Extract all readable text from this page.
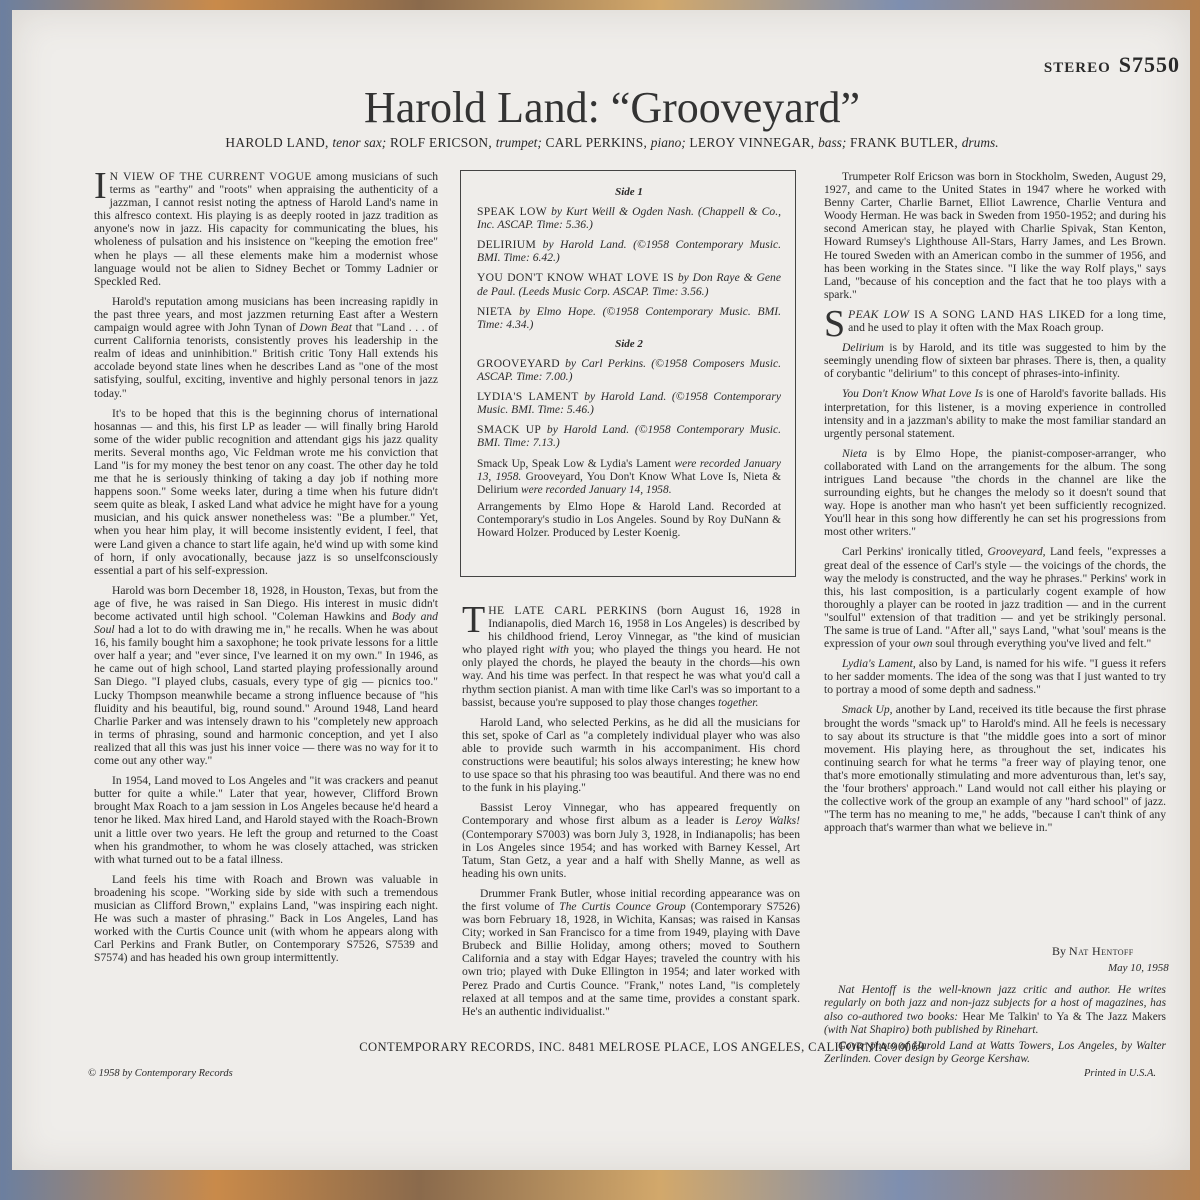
STEREO S7550
Harold Land: “Grooveyard”
HAROLD LAND, tenor sax; ROLF ERICSON, trumpet; CARL PERKINS, piano; LEROY VINNEGAR, bass; FRANK BUTLER, drums.

I N VIEW OF THE CURRENT VOGUE among musicians of such terms as "earthy" and "roots" when appraising the authenticity of a jazzman, I cannot resist noting the aptness of Harold Land's name in this alfresco context. His playing is as deeply rooted in jazz tradition as anyone's now in jazz. His capacity for communicating the blues, his wholeness of pulsation and his insistence on "keeping the emotion free" when he plays — all these elements make him a modernist whose language would not be alien to Sidney Bechet or Tommy Ladnier or Speckled Red.

Harold's reputation among musicians has been increasing rapidly in the past three years, and most jazzmen returning East after a Western campaign would agree with John Tynan of Down Beat that "Land . . . of current California tenorists, consistently proves his leadership in the realm of ideas and uninhibition." British critic Tony Hall extends his accolade beyond state lines when he describes Land as "one of the most satisfying, soulful, exciting, inventive and highly personal tenors in jazz today."

It's to be hoped that this is the beginning chorus of international hosannas — and this, his first LP as leader — will finally bring Harold some of the wider public recognition and attendant gigs his jazz quality merits. Several months ago, Vic Feldman wrote me his conviction that Land "is for my money the best tenor on any coast. The other day he told me that he is seriously thinking of taking a day job if nothing more happens soon." Some weeks later, during a time when his future didn't seem quite as bleak, I asked Land what advice he might have for a young musician, and his quick answer nonetheless was: "Be a plumber." Yet, when you hear him play, it will become insistently evident, I feel, that were Land given a chance to start life again, he'd wind up with some kind of horn, if only avocationally, because jazz is so unselfconsciously essential a part of his self-expression.

Harold was born December 18, 1928, in Houston, Texas, but from the age of five, he was raised in San Diego. His interest in music didn't become activated until high school. "Coleman Hawkins and Body and Soul had a lot to do with drawing me in," he recalls. When he was about 16, his family bought him a saxophone; he took private lessons for a little over half a year; and "ever since, I've learned it on my own." In 1946, as he came out of high school, Land started playing professionally around San Diego. "I played clubs, casuals, every type of gig — picnics too." Lucky Thompson meanwhile became a strong influence because of "his fluidity and his beautiful, big, round sound." Around 1948, Land heard Charlie Parker and was intensely drawn to his "completely new approach in terms of phrasing, sound and harmonic conception, and yet I also realized that all this was just his inner voice — there was no way for it to come out any other way."

In 1954, Land moved to Los Angeles and "it was crackers and peanut butter for quite a while." Later that year, however, Clifford Brown brought Max Roach to a jam session in Los Angeles because he'd heard a tenor he liked. Max hired Land, and Harold stayed with the Roach-Brown unit a little over two years. He left the group and returned to the Coast when his grandmother, to whom he was closely attached, was stricken with what turned out to be a fatal illness.

Land feels his time with Roach and Brown was valuable in broadening his scope. "Working side by side with such a tremendous musician as Clifford Brown," explains Land, "was inspiring each night. He was such a master of phrasing." Back in Los Angeles, Land has worked with the Curtis Counce unit (with whom he appears along with Carl Perkins and Frank Butler, on Contemporary S7526, S7539 and S7574) and has headed his own group intermittently.

Side 1
SPEAK LOW by Kurt Weill & Ogden Nash. (Chappell & Co., Inc. ASCAP. Time: 5.36.)
DELIRIUM by Harold Land. (©1958 Contemporary Music. BMI. Time: 6.42.)
YOU DON'T KNOW WHAT LOVE IS by Don Raye & Gene de Paul. (Leeds Music Corp. ASCAP. Time: 3.56.)
NIETA by Elmo Hope. (©1958 Contemporary Music. BMI. Time: 4.34.)
Side 2
GROOVEYARD by Carl Perkins. (©1958 Composers Music. ASCAP. Time: 7.00.)
LYDIA'S LAMENT by Harold Land. (©1958 Contemporary Music. BMI. Time: 5.46.)
SMACK UP by Harold Land. (©1958 Contemporary Music. BMI. Time: 7.13.)

Smack Up, Speak Low & Lydia's Lament were recorded January 13, 1958. Grooveyard, You Don't Know What Love Is, Nieta & Delirium were recorded January 14, 1958.

Arrangements by Elmo Hope & Harold Land. Recorded at Contemporary's studio in Los Angeles. Sound by Roy DuNann & Howard Holzer. Produced by Lester Koenig.

THE LATE CARL PERKINS (born August 16, 1928 in Indianapolis, died March 16, 1958 in Los Angeles) is described by his childhood friend, Leroy Vinnegar, as "the kind of musician who played right with you; who played the things you heard. He not only played the chords, he played the beauty in the chords—his own way. And his time was perfect. In that respect he was what you'd call a rhythm section pianist. A man with time like Carl's was so important to a bassist, because you're supposed to play those changes together.

Harold Land, who selected Perkins, as he did all the musicians for this set, spoke of Carl as "a completely individual player who was also able to provide such warmth in his accompaniment. His chord constructions were beautiful; his solos always interesting; he knew how to use space so that his phrasing too was beautiful. And there was no end to the funk in his playing."

Bassist Leroy Vinnegar, who has appeared frequently on Contemporary and whose first album as a leader is Leroy Walks! (Contemporary S7003) was born July 3, 1928, in Indianapolis; has been in Los Angeles since 1954; and has worked with Barney Kessel, Art Tatum, Stan Getz, a year and a half with Shelly Manne, as well as heading his own units.

Drummer Frank Butler, whose initial recording appearance was on the first volume of The Curtis Counce Group (Contemporary S7526) was born February 18, 1928, in Wichita, Kansas; was raised in Kansas City; worked in San Francisco for a time from 1949, playing with Dave Brubeck and Billie Holiday, among others; moved to Southern California and a stay with Edgar Hayes; traveled the country with his own trio; played with Duke Ellington in 1954; and later worked with Perez Prado and Curtis Counce. "Frank," notes Land, "is completely relaxed at all tempos and at the same time, provides a constant spark. He's an authentic individualist."

Trumpeter Rolf Ericson was born in Stockholm, Sweden, August 29, 1927, and came to the United States in 1947 where he worked with Benny Carter, Charlie Barnet, Elliot Lawrence, Charlie Ventura and Woody Herman. He was back in Sweden from 1950-1952; and during his second American stay, he played with Charlie Spivak, Stan Kenton, Howard Rumsey's Lighthouse All-Stars, Harry James, and Les Brown. He toured Sweden with an American combo in the summer of 1956, and has been working in the States since. "I like the way Rolf plays," says Land, "because of his conception and the fact that he too plays with a spark."

SPEAK LOW IS A SONG LAND HAS LIKED for a long time, and he used to play it often with the Max Roach group.

Delirium is by Harold, and its title was suggested to him by the seemingly unending flow of sixteen bar phrases. There is, then, a quality of corybantic "delirium" to this concept of phrases-into-infinity.

You Don't Know What Love Is is one of Harold's favorite ballads. His interpretation, for this listener, is a moving experience in controlled intensity and in a jazzman's ability to make the most familiar standard an urgently personal statement.

Nieta is by Elmo Hope, the pianist-composer-arranger, who collaborated with Land on the arrangements for the album. The song intrigues Land because "the chords in the channel are like the surrounding eights, but he changes the melody so it doesn't sound that way. Hope is another man who hasn't yet been sufficiently recognized. You'll hear in this song how differently he can set his progressions from most other writers."

Carl Perkins' ironically titled, Grooveyard, Land feels, "expresses a great deal of the essence of Carl's style — the voicings of the chords, the way the melody is constructed, and the way he phrases." Perkins' work in this, his last composition, is a particularly cogent example of how thoroughly a player can be rooted in jazz tradition — and in the current "soulful" extension of that tradition — and yet be strikingly personal. The same is true of Land. "After all," says Land, "what 'soul' means is the expression of your own soul through everything you've lived and felt."

Lydia's Lament, also by Land, is named for his wife. "I guess it refers to her sadder moments. The idea of the song was that I just wanted to try to portray a mood of some depth and sadness."

Smack Up, another by Land, received its title because the first phrase brought the words "smack up" to Harold's mind. All he feels is necessary to say about its structure is that "the middle goes into a sort of minor movement. His playing here, as throughout the set, indicates his continuing search for what he terms "a freer way of playing tenor, one that's more emotionally stimulating and more adventurous than, let's say, the 'four brothers' approach." Land would not call either his playing or the collective work of the group an example of any "hard school" of jazz. "The term has no meaning to me," he adds, "because I can't think of any approach that's warmer than what we believe in."

By Nat Hentoff
May 10, 1958

Nat Hentoff is the well-known jazz critic and author. He writes regularly on both jazz and non-jazz subjects for a host of magazines, has also co-authored two books: Hear Me Talkin' to Ya & The Jazz Makers (with Nat Shapiro) both published by Rinehart.

Cover photo of Harold Land at Watts Towers, Los Angeles, by Walter Zerlinden. Cover design by George Kershaw.

CONTEMPORARY RECORDS, INC. 8481 MELROSE PLACE, LOS ANGELES, CALIFORNIA 90069
© 1958 by Contemporary Records	Printed in U.S.A.
